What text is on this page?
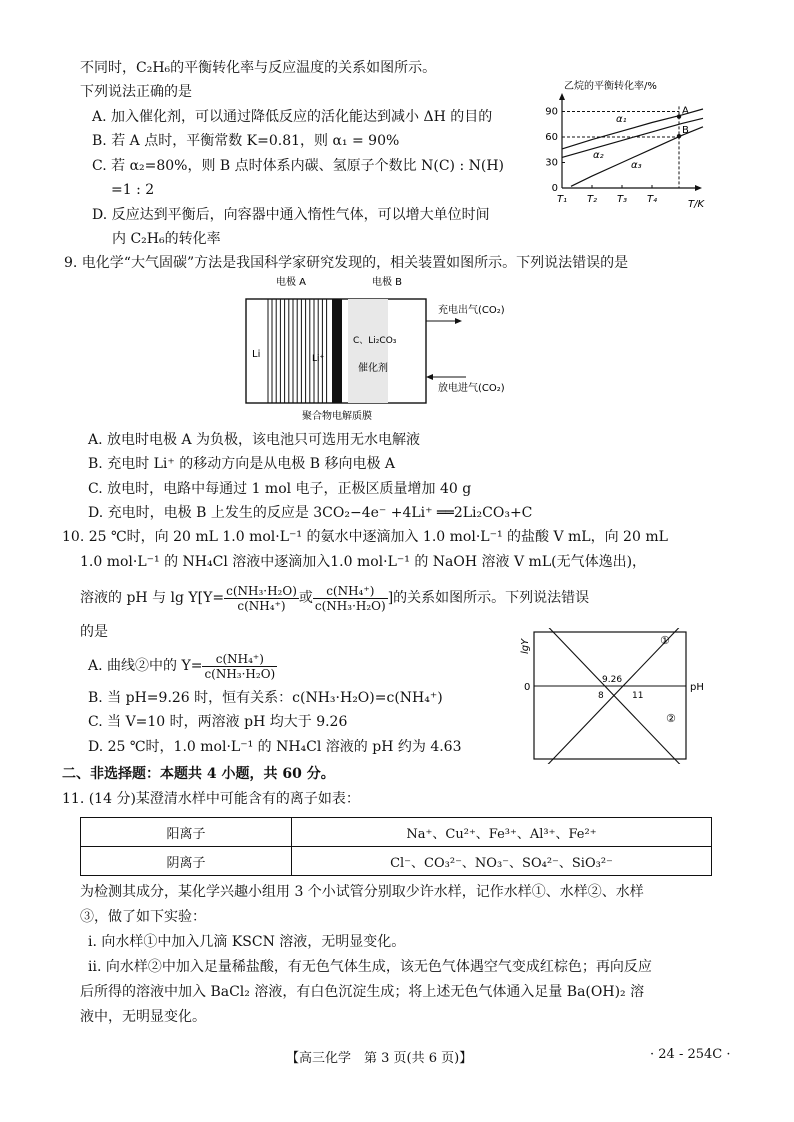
不同时，C₂H₆的平衡转化率与反应温度的关系如图所示。
下列说法正确的是
A. 加入催化剂，可以通过降低反应的活化能达到减小 ΔH 的目的
B. 若 A 点时，平衡常数 K=0.81，则 α₁ = 90%
C. 若 α₂=80%，则 B 点时体系内碳、氢原子个数比 N(C) : N(H)
=1 : 2
D. 反应达到平衡后，向容器中通入惰性气体，可以增大单位时间
内 C₂H₆的转化率
乙烷的平衡转化率/%
T/K
0
30
60
90
T₁ T₂ T₃ T₄
A
B
α₁
α₂
α₃
9. 电化学“大气固碳”方法是我国科学家研究发现的，相关装置如图所示。下列说法错误的是
电极 A	电极 B
Li	Li⁺
C、Li₂CO₃
催化剂
充电出气(CO₂)
放电进气(CO₂)
聚合物电解质膜
A. 放电时电极 A 为负极，该电池只可选用无水电解液
B. 充电时 Li⁺ 的移动方向是从电极 B 移向电极 A
C. 放电时，电路中每通过 1 mol 电子，正极区质量增加 40 g
D. 充电时，电极 B 上发生的反应是 3CO₂−4e⁻ +4Li⁺ ══2Li₂CO₃+C
10. 25 ℃时，向 20 mL 1.0 mol·L⁻¹ 的氨水中逐滴加入 1.0 mol·L⁻¹ 的盐酸 V mL，向 20 mL
1.0 mol·L⁻¹ 的 NH₄Cl 溶液中逐滴加入1.0 mol·L⁻¹ 的 NaOH 溶液 V mL(无气体逸出)，
溶液的 pH 与 $\lg Y[Y= \frac{\text{c(NH₃·H₂O)}}{\text{c(NH₄⁺)}}$ 或 $\frac{\text{c(NH₄⁺)}}{\text{c(NH₃·H₂O)}}$ ]的关系如图所示。下列说法错误
的是
A. 曲线②中的 $Y= \frac{\text{c(NH₄⁺)}}{\text{c(NH₃·H₂O)}}$
B. 当 pH=9.26 时，恒有关系：c(NH₃·H₂O)=c(NH₄⁺)
C. 当 V=10 时，两溶液 pH 均大于 9.26
D. 25 ℃时，1.0 mol·L⁻¹ 的 NH₄Cl 溶液的 pH 约为 4.63
lgY
0	pH
①
②
9.26
8	11
二、非选择题：本题共 4 小题，共 60 分。
11. (14 分)某澄清水样中可能含有的离子如表：
阳离子	Na⁺、Cu²⁺、Fe³⁺、Al³⁺、Fe²⁺
阴离子	Cl⁻、CO₃²⁻、NO₃⁻、SO₄²⁻、SiO₃²⁻
为检测其成分，某化学兴趣小组用 3 个小试管分别取少许水样，记作水样①、水样②、水样
③，做了如下实验：
ⅰ. 向水样①中加入几滴 KSCN 溶液，无明显变化。
ⅱ. 向水样②中加入足量稀盐酸，有无色气体生成，该无色气体遇空气变成红棕色；再向反应
后所得的溶液中加入 BaCl₂ 溶液，有白色沉淀生成；将上述无色气体通入足量 Ba(OH)₂ 溶
液中，无明显变化。
【高三化学　第 3 页(共 6 页)】	· 24 - 254C ·
